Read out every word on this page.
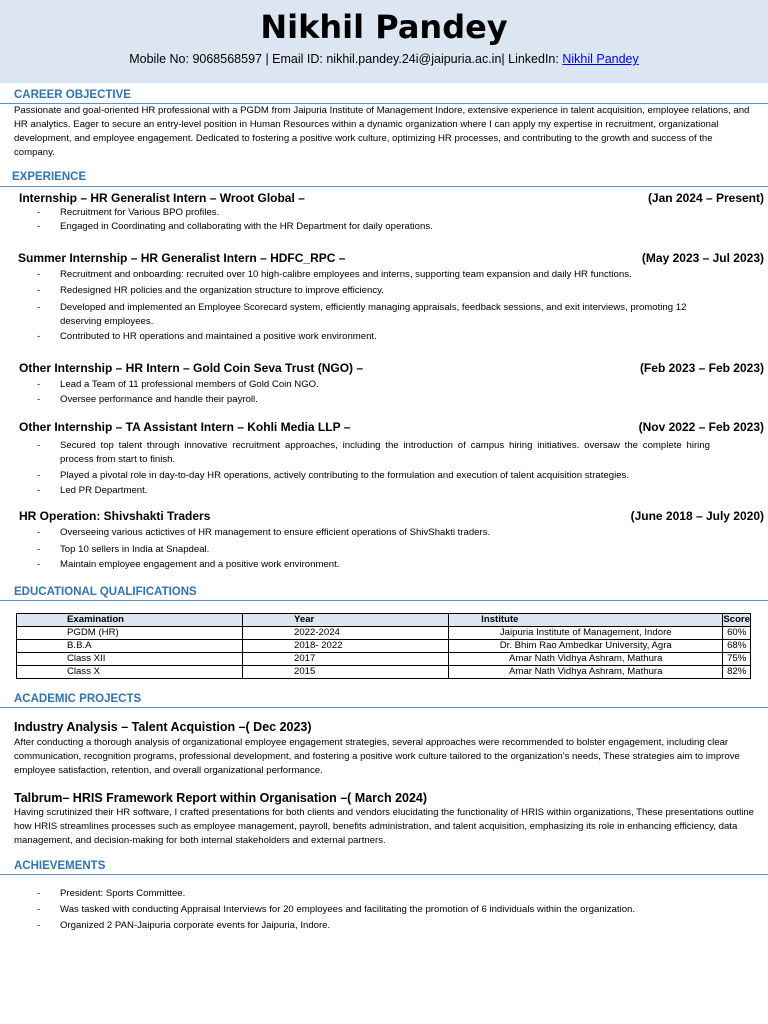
Nikhil Pandey
Mobile No: 9068568597 | Email ID: nikhil.pandey.24i@jaipuria.ac.in| LinkedIn: Nikhil Pandey
CAREER OBJECTIVE
Passionate and goal-oriented HR professional with a PGDM from Jaipuria Institute of Management Indore, extensive experience in talent acquisition, employee relations, and HR analytics. Eager to secure an entry-level position in Human Resources within a dynamic organization where I can apply my expertise in recruitment, organizational development, and employee engagement. Dedicated to fostering a positive work culture, optimizing HR processes, and contributing to the growth and success of the company.
EXPERIENCE
Internship – HR Generalist Intern – Wroot Global –	(Jan 2024 – Present)
- Recruitment for Various BPO profiles.
- Engaged in Coordinating and collaborating with the HR Department for daily operations.
Summer Internship – HR Generalist Intern – HDFC_RPC –	(May 2023 – Jul 2023)
- Recruitment and onboarding: recruited over 10 high-calibre employees and interns, supporting team expansion and daily HR functions.
- Redesigned HR policies and the organization structure to improve efficiency.
- Developed and implemented an Employee Scorecard system, efficiently managing appraisals, feedback sessions, and exit interviews, promoting 12 deserving employees.
- Contributed to HR operations and maintained a positive work environment.
Other Internship – HR Intern – Gold Coin Seva Trust (NGO) –	(Feb 2023 – Feb 2023)
- Lead a Team of 11 professional members of Gold Coin NGO.
- Oversee performance and handle their payroll.
Other Internship – TA Assistant Intern – Kohli Media LLP –	(Nov 2022 – Feb 2023)
- Secured top talent through innovative recruitment approaches, including the introduction of campus hiring initiatives. oversaw the complete hiring process from start to finish.
- Played a pivotal role in day-to-day HR operations, actively contributing to the formulation and execution of talent acquisition strategies.
- Led PR Department.
HR Operation: Shivshakti Traders	(June 2018 – July 2020)
- Overseeing various actictives of HR management to ensure efficient operations of ShivShakti traders.
- Top 10 sellers in India at Snapdeal.
- Maintain employee engagement and a positive work environment.
EDUCATIONAL QUALIFICATIONS
Examination	Year	Institute	Score
PGDM (HR)	2022-2024	Jaipuria Institute of Management, Indore	60%
B.B.A	2018- 2022	Dr. Bhim Rao Ambedkar University, Agra	68%
Class XII	2017	Amar Nath Vidhya Ashram, Mathura	75%
Class X	2015	Amar Nath Vidhya Ashram, Mathura	82%
ACADEMIC PROJECTS
Industry Analysis – Talent Acquistion –( Dec 2023)
After conducting a thorough analysis of organizational employee engagement strategies, several approaches were recommended to bolster engagement, including clear communication, recognition programs, professional development, and fostering a positive work culture tailored to the organization's needs, These strategies aim to improve employee satisfaction, retention, and overall organizational performance.
Talbrum– HRIS Framework Report within Organisation –( March 2024)
Having scrutinized their HR software, I crafted presentations for both clients and vendors elucidating the functionality of HRIS within organizations, These presentations outline how HRIS streamlines processes such as employee management, payroll, benefits administration, and talent acquisition, emphasizing its role in enhancing efficiency, data management, and decision-making for both internal stakeholders and external partners.
ACHIEVEMENTS
- President: Sports Committee.
- Was tasked with conducting Appraisal Interviews for 20 employees and facilitating the promotion of 6 individuals within the organization.
- Organized 2 PAN-Jaipuria corporate events for Jaipuria, Indore.
